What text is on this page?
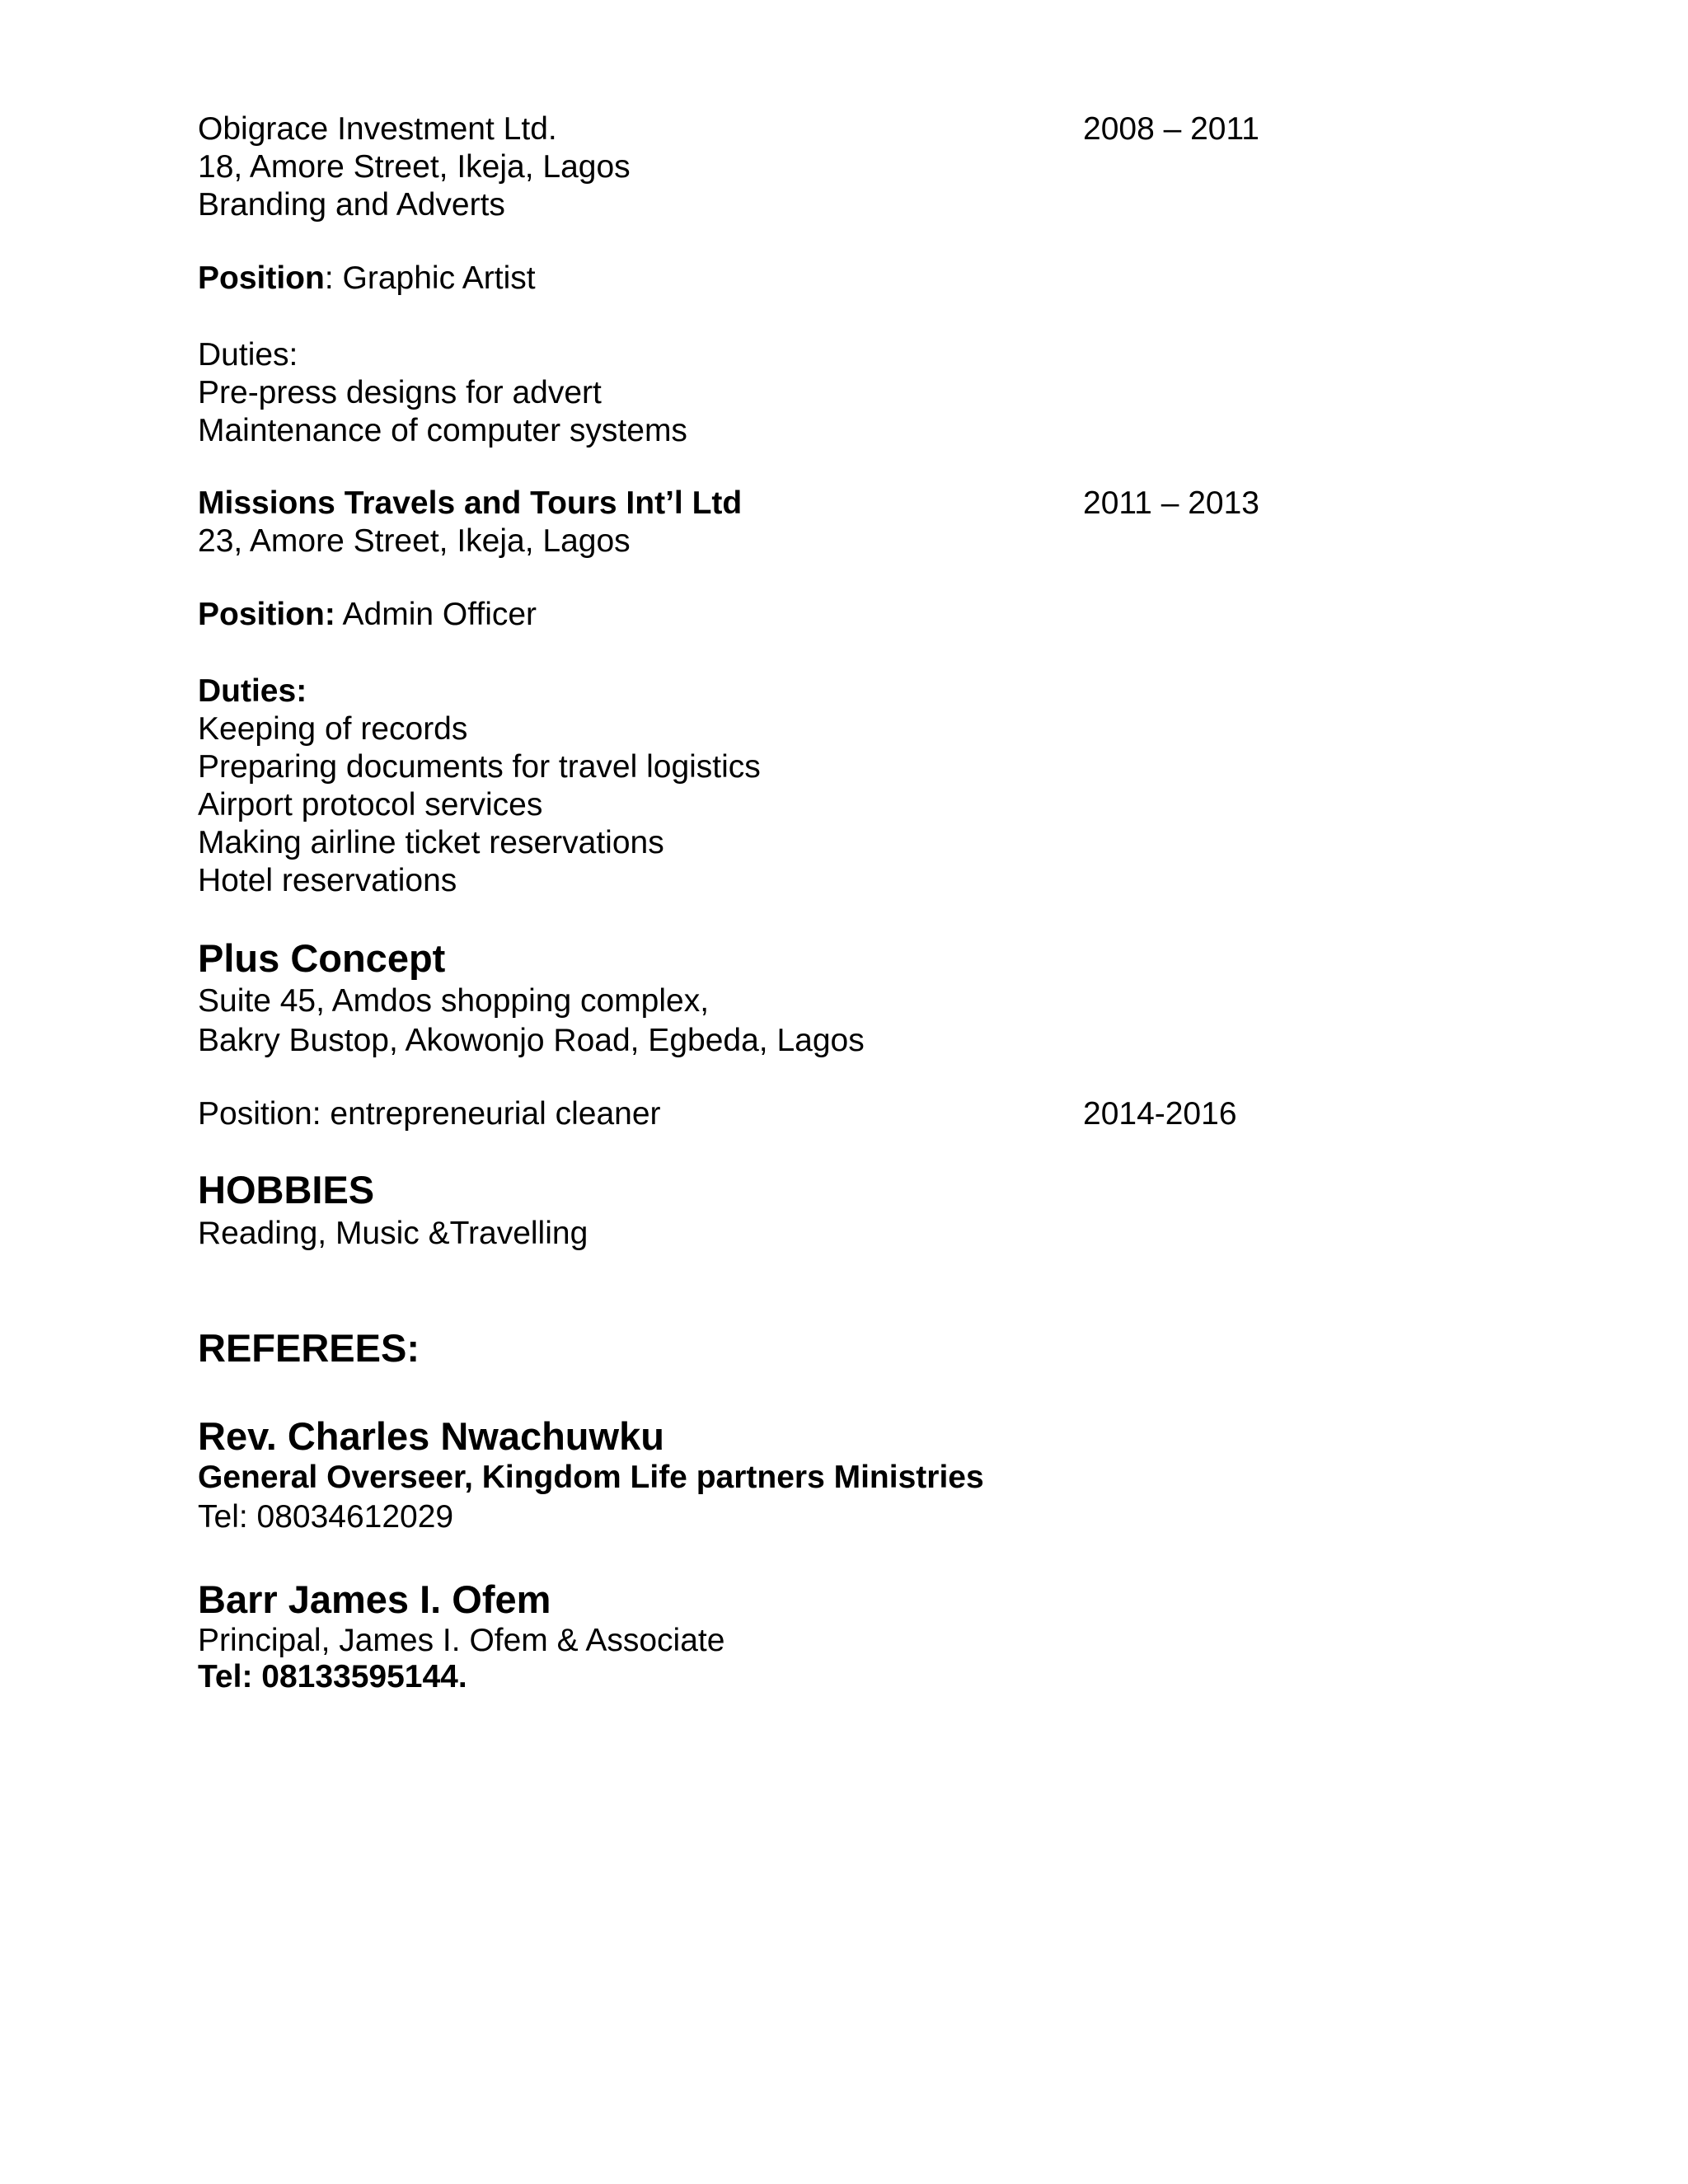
Obigrace Investment Ltd.	2008 – 2011
18, Amore Street, Ikeja, Lagos
Branding and Adverts
Position: Graphic Artist
Duties:
Pre-press designs for advert
Maintenance of computer systems
Missions Travels and Tours Int’l Ltd	2011 – 2013
23, Amore Street, Ikeja, Lagos
Position: Admin Officer
Duties:
Keeping of records
Preparing documents for travel logistics
Airport protocol services
Making airline ticket reservations
Hotel reservations
Plus Concept
Suite 45, Amdos shopping complex,
Bakry Bustop, Akowonjo Road, Egbeda, Lagos
Position: entrepreneurial cleaner	2014-2016
HOBBIES
Reading, Music &Travelling
REFEREES:
Rev. Charles Nwachuwku
General Overseer, Kingdom Life partners Ministries
Tel: 08034612029
Barr James I. Ofem
Principal, James I. Ofem & Associate
Tel: 08133595144.
